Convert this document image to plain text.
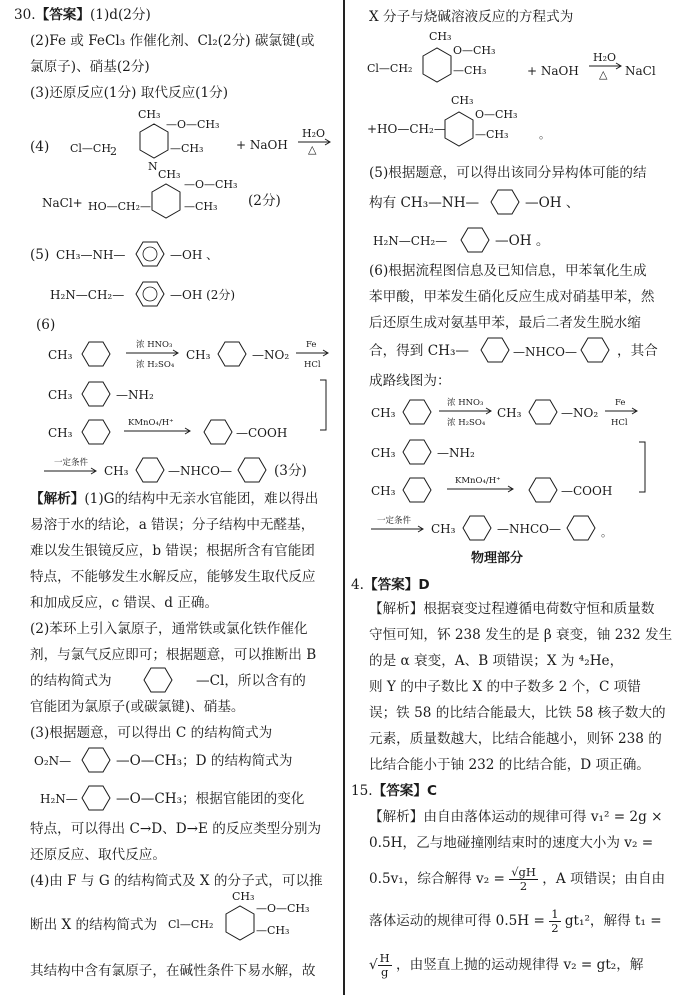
30.【答案】(1)d(2分)
(2)Fe 或 FeCl₃ 作催化剂、Cl₂(2分) 碳氯键(或
氯原子)、硝基(2分)
(3)还原反应(1分) 取代反应(1分)
(4) Cl—CH 2
N
CH₃
—O—CH₃
—CH₃	+ NaOH
H₂O
△
NaCl+ HO—CH₂—
CH₃
—O—CH₃
—CH₃ (2分)
(5) CH₃—NH—	—OH 、
H₂N—CH₂—	—OH (2分)
(6)
CH₃
浓 HNO₃
浓 H₂SO₄
CH₃	—NO₂
Fe
HCl
CH₃	—NH₂
CH₃
KMnO₄/H⁺
—COOH
一定条件
→ CH₃	—NHCO—	(3分)
【解析】(1)G的结构中无亲水官能团，难以得出
易溶于水的结论，a 错误；分子结构中无醛基，
难以发生银镜反应，b 错误；根据所含有官能团
特点，不能够发生水解反应，能够发生取代反应
和加成反应，c 错误、d 正确。
(2)苯环上引入氯原子，通常铁或氯化铁作催化
剂，与氯气反应即可；根据题意，可以推断出 B
的结构简式为	—Cl，所以含有的
官能团为氯原子(或碳氯键)、硝基。
(3)根据题意，可以得出 C 的结构简式为
O₂N—	—O—CH₃；D 的结构简式为
H₂N—	—O—CH₃；根据官能团的变化
特点，可以得出 C→D、D→E 的反应类型分别为
还原反应、取代反应。
(4)由 F 与 G 的结构简式及 X 的分子式，可以推
断出 X 的结构简式为 Cl—CH₂
CH₃
—O—CH₃
—CH₃
其结构中含有氯原子，在碱性条件下易水解，故
X 分子与烧碱溶液反应的方程式为
Cl—CH₂
CH₃
O—CH₃
—CH₃	+ NaOH
H₂O
△ NaCl
+HO—CH₂—
CH₃
O—CH₃
—CH₃	。
(5)根据题意，可以得出该同分异构体可能的结
构有 CH₃—NH—	—OH 、
H₂N—CH₂—	—OH 。
(6)根据流程图信息及已知信息，甲苯氧化生成
苯甲酸，甲苯发生硝化反应生成对硝基甲苯，然
后还原生成对氨基甲苯，最后二者发生脱水缩
合，得到 CH₃—	—NHCO—	，其合
成路线图为：
CH₃
浓 HNO₃
浓 H₂SO₄
CH₃	—NO₂
Fe
HCl
CH₃	—NH₂
CH₃
KMnO₄/H⁺
—COOH
一定条件
→ CH₃	—NHCO—	。
物理部分
4.【答案】D
【解析】根据衰变过程遵循电荷数守恒和质量数
守恒可知，钚 238 发生的是 β 衰变，铀 232 发生
的是 α 衰变，A、B 项错误；X 为 ⁴₂He，
则 Y 的中子数比 X 的中子数多 2 个，C 项错
误；铁 58 的比结合能最大，比铁 58 核子数大的
元素，质量数越大，比结合能越小，则钚 238 的
比结合能小于铀 232 的比结合能，D 项正确。
15.【答案】C
【解析】由自由落体运动的规律可得 v₁² = 2g ×
0.5H，乙与地碰撞刚结束时的速度大小为 v₂ =
0.5v₁，综合解得 $v_2 = \frac{√gH}{2}$ ，A 项错误；由自由
落体运动的规律可得 $0.5H = \frac{1}{2} gt_1^2$，解得 t₁ =
√ $\frac{H}{g}$ ，由竖直上抛的运动规律得 v₂ = gt₂，解
